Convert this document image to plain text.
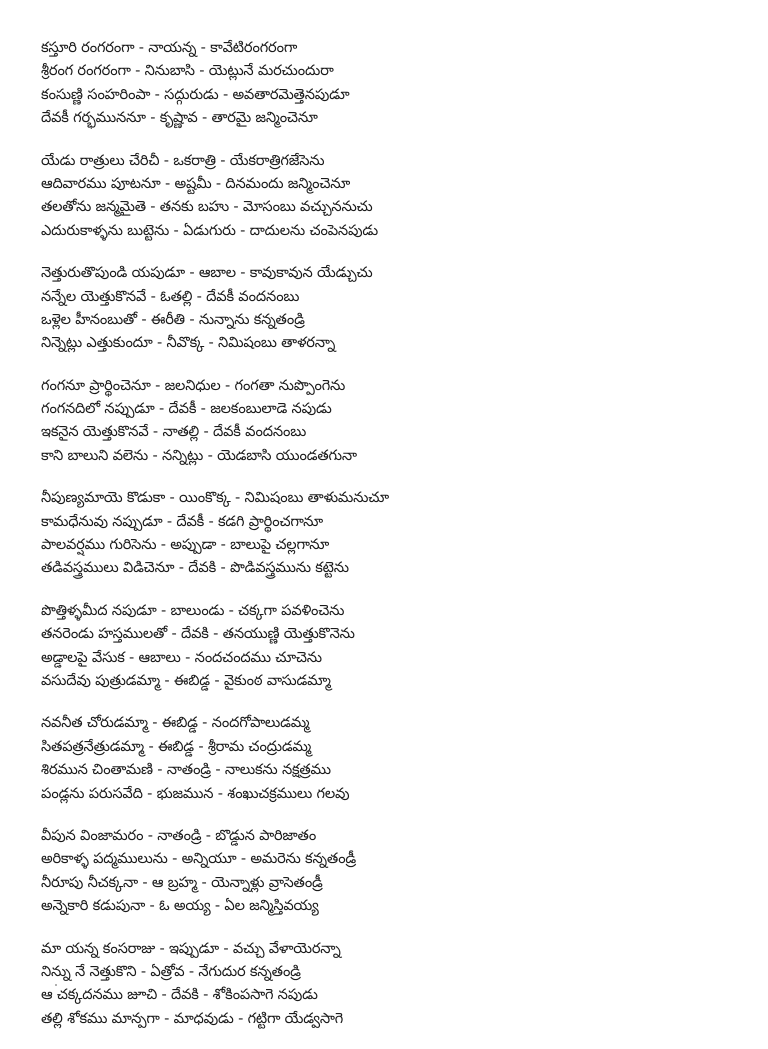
కస్తూరి రంగరంగా - నాయన్న - కావేటిరంగరంగా
శ్రీరంగ రంగరంగా - నినుబాసి - యెట్లునే మరచుందురా
కంసుణ్ణి సంహరింపా - సద్గురుడు - అవతారమెత్తెనపుడూ
దేవకీ గర్భముననూ - కృష్ణావ - తారమై జన్మించెనూ
యేడు రాత్రులు చేరిచీ - ఒకరాత్రి - యేకరాత్రిగజేసెను
ఆదివారము పూటనూ - అష్టమీ - దినమందు జన్మించెనూ
తలతోను జన్మమైతె - తనకు బహు - మోసంబు వచ్చుననుచు
ఎదురుకాళ్ళను బుట్టెను - ఏడుగురు - దాదులను చంపెనపుడు
నెత్తురుతొపుండి యపుడూ - ఆబాల - కావుకావున యేడ్చుచు
నన్నేల యెత్తుకొనవే - ఓతల్లి - దేవకీ వందనంబు
ఒళ్లెల హీనంబుతో - ఈరీతి - నున్నాను కన్నతండ్రి
నిన్నెట్లు ఎత్తుకుందూ - నీవొక్క - నిమిషంబు తాళరన్నా
గంగనూ ప్రార్థించెనూ - జలనిధుల - గంగతా నుప్పొంగెను
గంగనదిలో నప్పుడూ - దేవకీ - జలకంబులాడె నపుడు
ఇకనైన యెత్తుకొనవే - నాతల్లి - దేవకీ వందనంబు
కాని బాలుని వలెను - నన్నిట్లు - యెడబాసి యుండతగునా
నీపుణ్యమాయె కొడుకా - యింకొక్క - నిమిషంబు తాళుమనుచూ
కామధేనువు నప్పుడూ - దేవకీ - కడగి ప్రార్థించగానూ
పాలవర్షము గురిసెను - అప్పుడా - బాలుపై చల్లగానూ
తడివస్త్రములు విడిచెనూ - దేవకి - పొడివస్త్రమును కట్టెను
పొత్తిళ్ళమీద నపుడూ - బాలుండు - చక్కగా పవళించెను
తనరెండు హస్తములతో - దేవకి - తనయుణ్ణి యెత్తుకొనెను
అడ్డాలపై వేసుక - ఆబాలు - నందచందము చూచెను
వసుదేవు పుత్రుడమ్మా - ఈబిడ్డ - వైకుంఠ వాసుడమ్మా
నవనీత చోరుడమ్మా - ఈబిడ్డ - నందగోపాలుడమ్మ
సితపత్రనేత్రుడమ్మా - ఈబిడ్డ - శ్రీరామ చంద్రుడమ్మ
శిరమున చింతామణి - నాతండ్రి - నాలుకను నక్షత్రము
పండ్లను పరుసవేది - భుజమున - శంఖుచక్రములు గలవు
వీపున వింజామరం - నాతండ్రి - బొడ్డున పారిజాతం
అరికాళ్ళ పద్మములును - అన్నియూ - అమరెను కన్నతండ్రీ
నీరూపు నీచక్కనా - ఆ బ్రహ్మ - యెన్నాళ్లు వ్రాసెతండ్రీ
అన్నెకారి కడుపునా - ఓ అయ్య - ఏల జన్మిస్తివయ్య
మా యన్న కంసరాజు - ఇప్పుడూ - వచ్చు వేళాయెరన్నా
నిన్ను నే నెత్తుకొని - ఏత్రోవ - నేగుదుర కన్నతండ్రి
ఆ చక్కదనము జూచి - దేవకి - శోకింపసాగె నపుడు
తల్లి శోకము మాన్పగా - మాధవుడు - గట్టిగా యేడ్వసాగె
